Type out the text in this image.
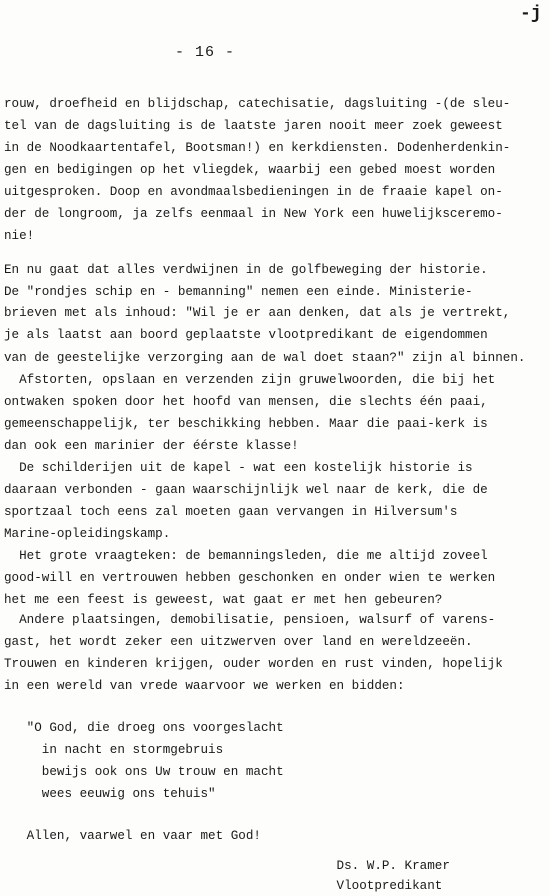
-j
- 16 -
rouw, droefheid en blijdschap, catechisatie, dagsluiting -(de sleu-
tel van de dagsluiting is de laatste jaren nooit meer zoek geweest
in de Noodkaartentafel, Bootsman!) en kerkdiensten. Dodenherdenkin-
gen en bedigingen op het vliegdek, waarbij een gebed moest worden
uitgesproken. Doop en avondmaalsbedieningen in de fraaie kapel on-
der de longroom, ja zelfs eenmaal in New York een huwelijksceremo-
nie!
En nu gaat dat alles verdwijnen in de golfbeweging der historie.
De "rondjes schip en - bemanning" nemen een einde. Ministerie-
brieven met als inhoud: "Wil je er aan denken, dat als je vertrekt,
je als laatst aan boord geplaatste vlootpredikant de eigendommen
van de geestelijke verzorging aan de wal doet staan?" zijn al binnen.
Afstorten, opslaan en verzenden zijn gruwelwoorden, die bij het
ontwaken spoken door het hoofd van mensen, die slechts één paai,
gemeenschappelijk, ter beschikking hebben. Maar die paai-kerk is
dan ook een marinier der éérste klasse!
De schilderijen uit de kapel - wat een kostelijk historie is
daaraan verbonden - gaan waarschijnlijk wel naar de kerk, die de
sportzaal toch eens zal moeten gaan vervangen in Hilversum's
Marine-opleidingskamp.
Het grote vraagteken: de bemanningsleden, die me altijd zoveel
good-will en vertrouwen hebben geschonken en onder wien te werken
het me een feest is geweest, wat gaat er met hen gebeuren?
Andere plaatsingen, demobilisatie, pensioen, walsurf of varens-
gast, het wordt zeker een uitzwerven over land en wereldzeeën.
Trouwen en kinderen krijgen, ouder worden en rust vinden, hopelijk
in een wereld van vrede waarvoor we werken en bidden:
"O God, die droeg ons voorgeslacht
in nacht en stormgebruis
bewijs ook ons Uw trouw en macht
wees eeuwig ons tehuis"
Allen, vaarwel en vaar met God!
Ds. W.P. Kramer
Vlootpredikant
